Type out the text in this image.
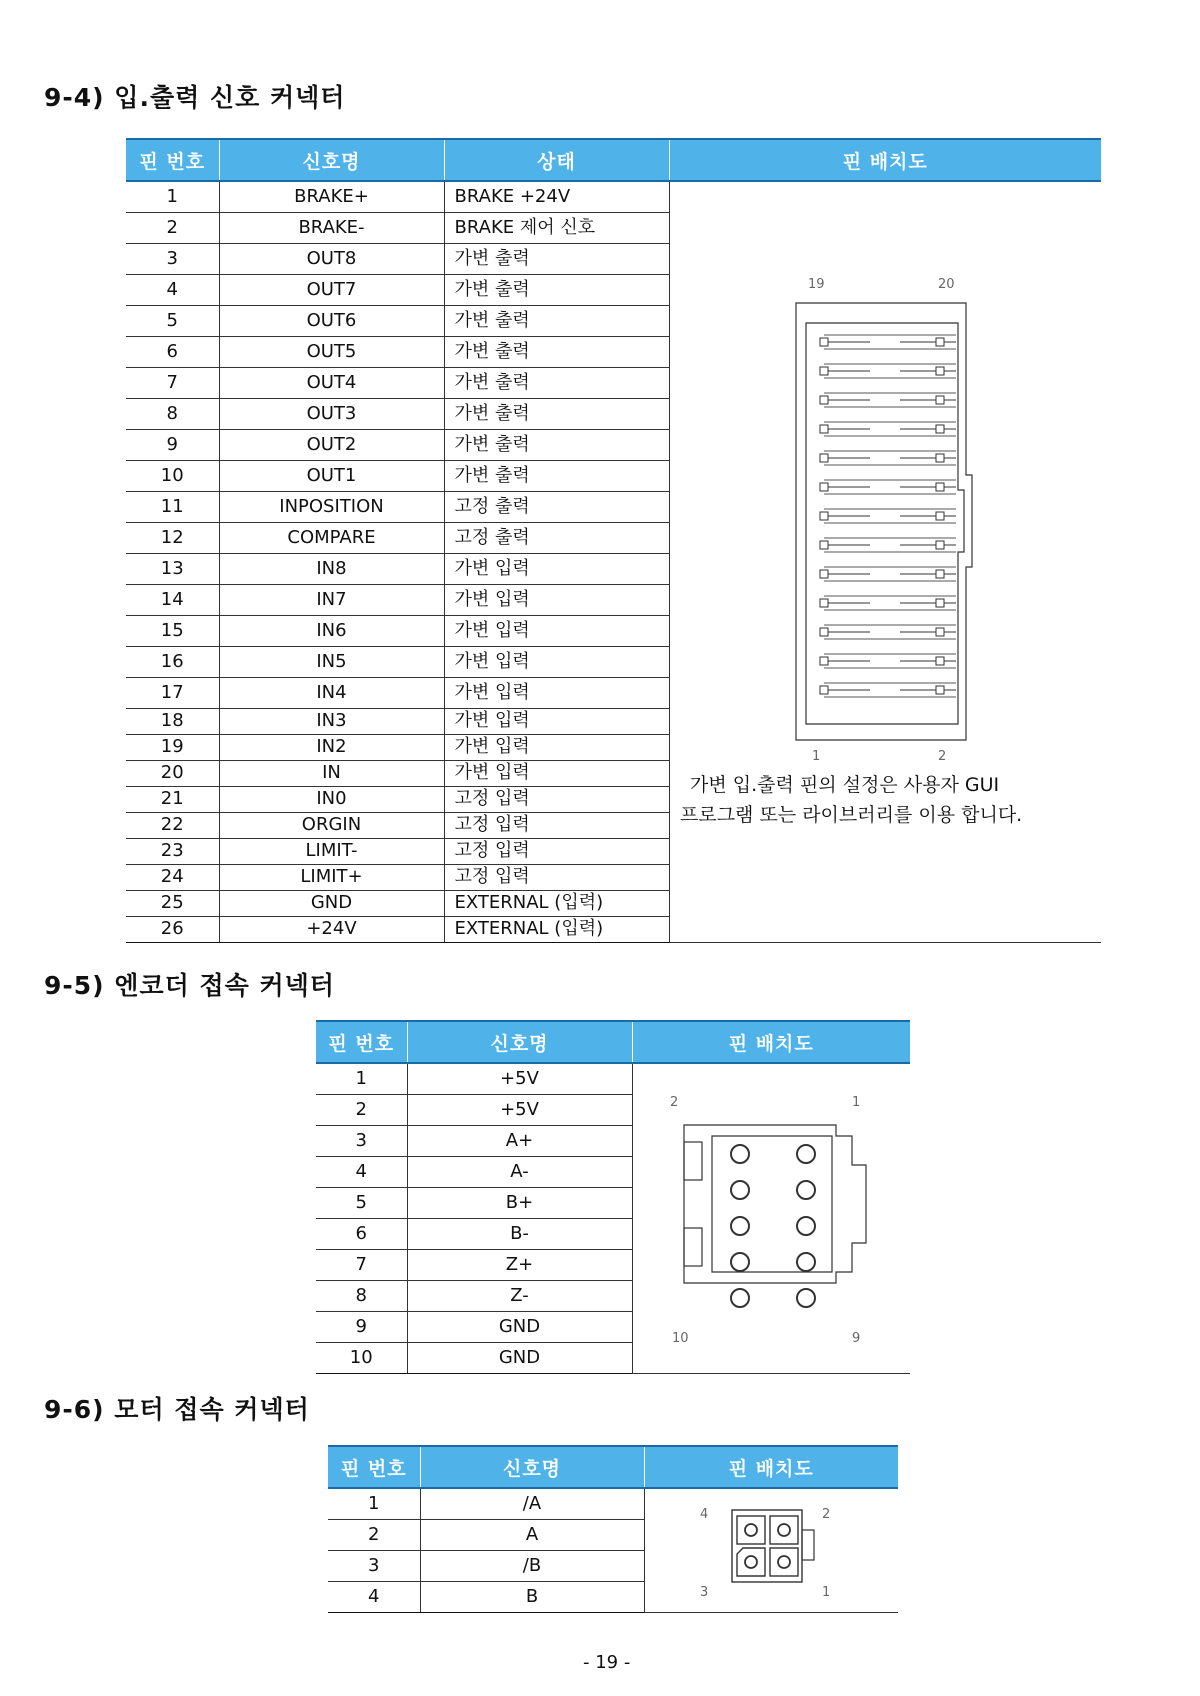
9-4) 입.출력 신호 커넥터
핀 번호	신호명	상태	핀 배치도
1	BRAKE+	BRAKE +24V	
2	BRAKE-	BRAKE 제어 신호	
3	OUT8	가변 출력	
4	OUT7	가변 출력	
5	OUT6	가변 출력	
6	OUT5	가변 출력	
7	OUT4	가변 출력	
8	OUT3	가변 출력	
9	OUT2	가변 출력	
10	OUT1	가변 출력	
11	INPOSITION	고정 출력	
12	COMPARE	고정 출력	
13	IN8	가변 입력	
14	IN7	가변 입력	
15	IN6	가변 입력	
16	IN5	가변 입력	
17	IN4	가변 입력	
18	IN3	가변 입력	
19	IN2	가변 입력	
20	IN	가변 입력	
21	IN0	고정 입력	
22	ORGIN	고정 입력	
23	LIMIT-	고정 입력	
24	LIMIT+	고정 입력	
25	GND	EXTERNAL (입력)	
26	+24V	EXTERNAL (입력)	
19	20
1	2
가변 입.출력 핀의 설정은 사용자 GUI
프로그램 또는 라이브러리를 이용 합니다.
9-5) 엔코더 접속 커넥터
핀 번호	신호명	핀 배치도
1	+5V	
2	+5V	
3	A+	
4	A-	
5	B+	
6	B-	
7	Z+	
8	Z-	
9	GND	
10	GND	
2	1
10	9
9-6) 모터 접속 커넥터
핀 번호	신호명	핀 배치도
1	/A	
2	A	
3	/B	
4	B	
4	2
3	1
- 19 -
